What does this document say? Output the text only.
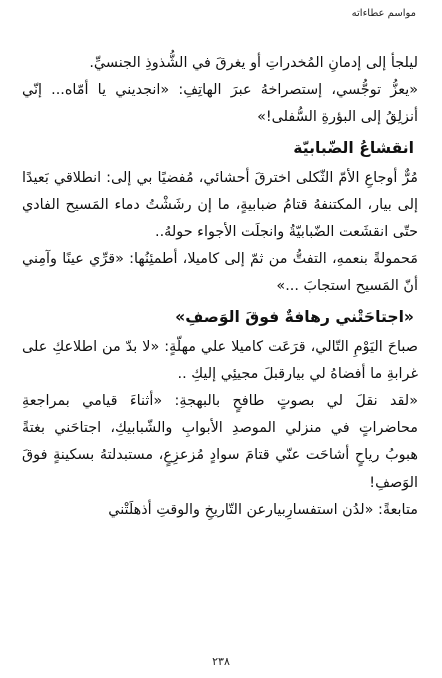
مواسم عطاءاته

ليلجأ إلى إدمانِ المُخدراتِ أو يغرقَ في الشُّذوذِ الجنسيِّ.

«يعزُّ توجُّسي، إستصراخهُ عبرَ الهاتِفِ: «انجديني يا أمّاه... إنّي أنزلِقُ إلى البؤرةِ السُّفلى!»

انقشاعُ الضّبابيّة

مُرٌّ أوجاعِ الأمّ الثّكلى اخترقَ أحشائي، مُفضيًا بي إلى: انطلاقي بَعيدًا إلى بيار، المكتنفهُ قتامُ ضبابيةٍ، ما إن رشَشْتُ دماء المَسيح الفادي حتّى انقشَعت الضّبابيّةُ وانجلَت الأجواء حولهُ..

مَحمولةً بنعمهِ، التفتُّ من ثمّ إلى كاميلا، أطمئِنُها: «قرِّي عينًا وآمِني أنّ المَسيح استجابَ ...»

«اجتاحَتْني رهافةٌ فوقَ الوَصفِ»

صباحَ اليَوْمِ التّالي، قرَعَت كاميلا علي مهلّةٍ: «لا بدّ من اطلاعكِ على غرابةِ ما أفضاهُ لي بيارقبلَ مجيئِي إليكِ ..

«لقد نقلَ لي بصوتٍ طافحٍ بالبهجةِ: «أثناءَ قيامي بمراجعةِ محاضراتٍ في منزلي الموصدِ الأبوابِ والشّبابيكِ، اجتاحَني بغتةً هبوبُ رياحٍ أشاحَت عنّي قتامَ سوادٍ مُزعزِعٍ، مستبدلتهُ بسكينةٍ فوقَ الوَصفِ!

متابعةً: «لدُن استفسارِبيارعن التّاريخِ والوقتِ أذهلَتْني

٢٣٨
